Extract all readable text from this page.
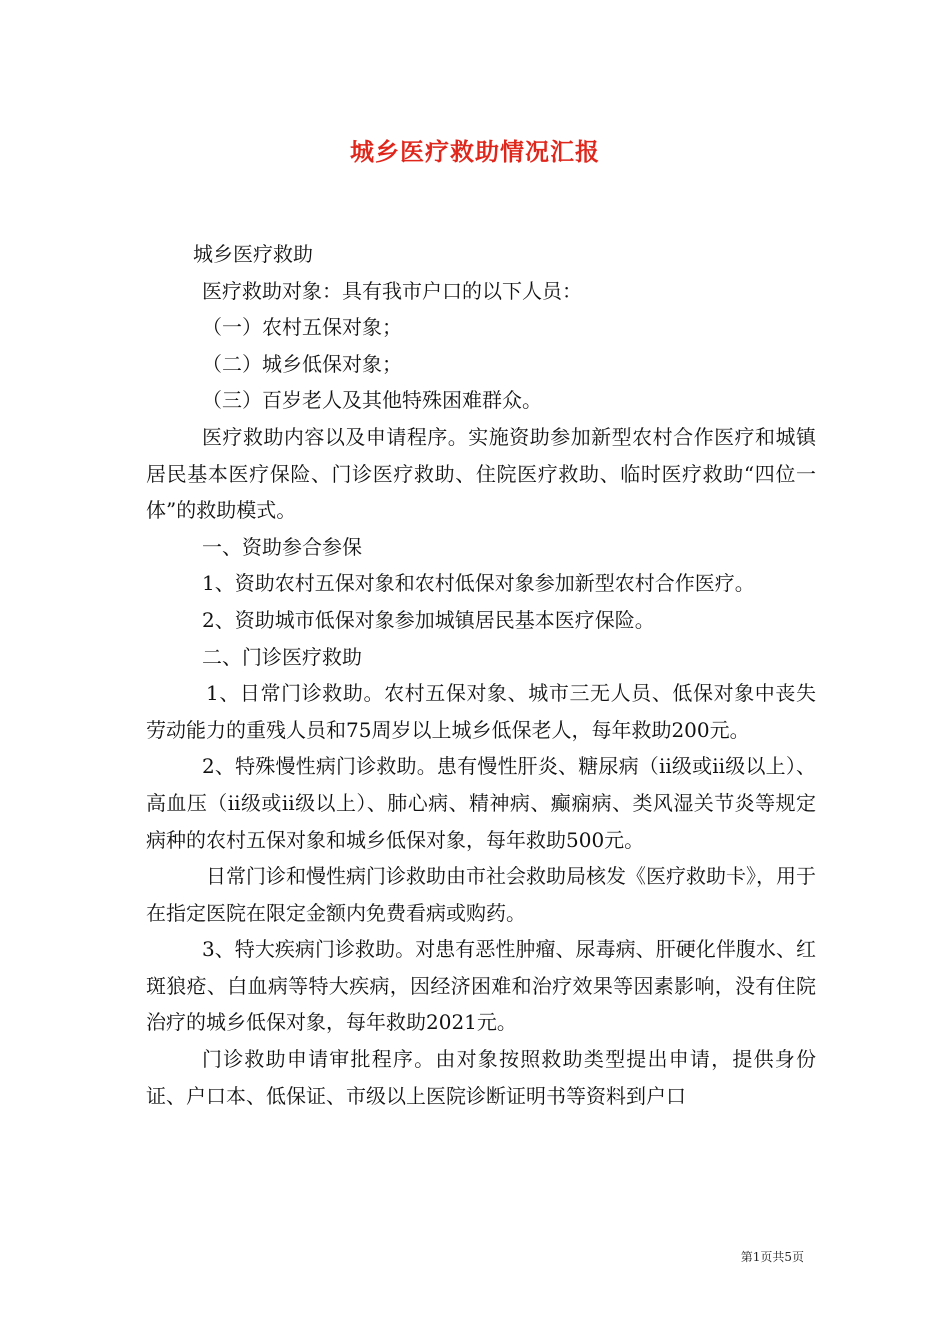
城乡医疗救助情况汇报

城乡医疗救助

医疗救助对象：具有我市户口的以下人员：

（一）农村五保对象；

（二）城乡低保对象；

（三）百岁老人及其他特殊困难群众。

医疗救助内容以及申请程序。实施资助参加新型农村合作医疗和城镇居民基本医疗保险、门诊医疗救助、住院医疗救助、临时医疗救助“四位一体”的救助模式。

一、资助参合参保

1、资助农村五保对象和农村低保对象参加新型农村合作医疗。

2、资助城市低保对象参加城镇居民基本医疗保险。

二、门诊医疗救助

1、日常门诊救助。农村五保对象、城市三无人员、低保对象中丧失劳动能力的重残人员和75周岁以上城乡低保老人，每年救助200元。

2、特殊慢性病门诊救助。患有慢性肝炎、糖尿病（ii级或ii级以上）、高血压（ii级或ii级以上）、肺心病、精神病、癫痫病、类风湿关节炎等规定病种的农村五保对象和城乡低保对象，每年救助500元。

日常门诊和慢性病门诊救助由市社会救助局核发《医疗救助卡》，用于在指定医院在限定金额内免费看病或购药。

3、特大疾病门诊救助。对患有恶性肿瘤、尿毒病、肝硬化伴腹水、红斑狼疮、白血病等特大疾病，因经济困难和治疗效果等因素影响，没有住院治疗的城乡低保对象，每年救助2021元。

门诊救助申请审批程序。由对象按照救助类型提出申请，提供身份证、户口本、低保证、市级以上医院诊断证明书等资料到户口

第1页共5页
